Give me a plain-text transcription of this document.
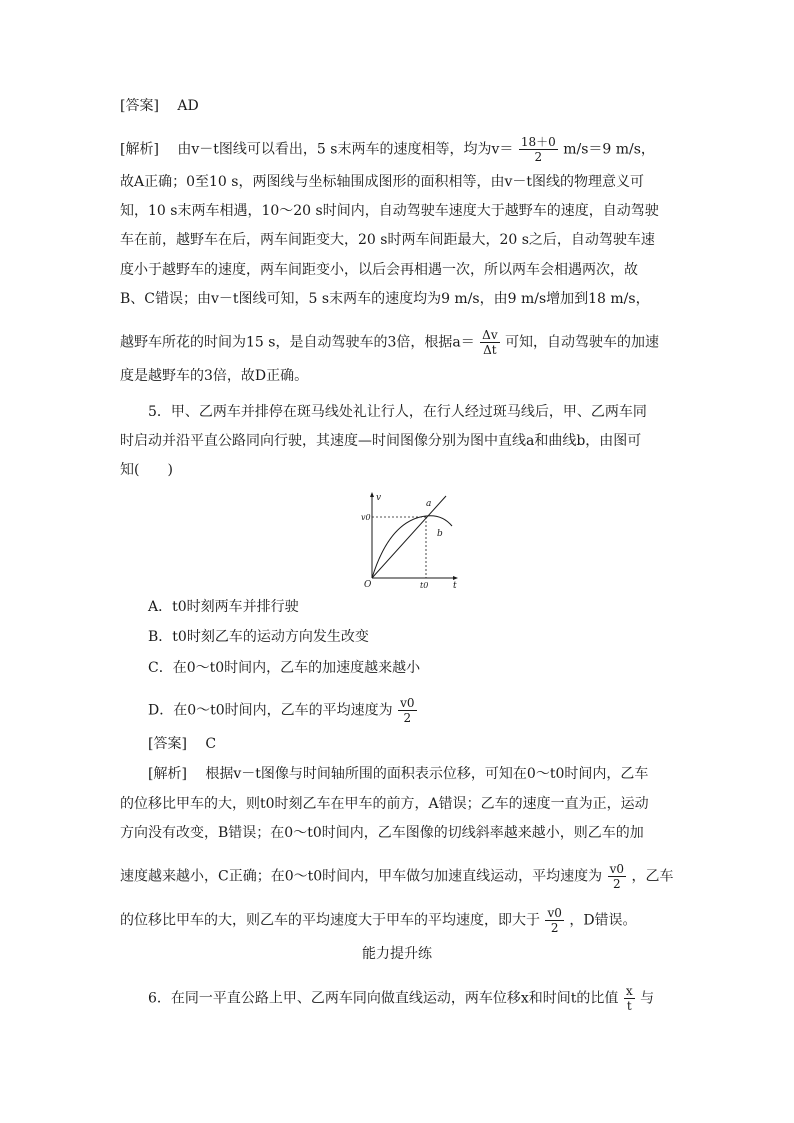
[答案]　 AD
[解析]　 由v－t图线可以看出，5 s末两车的速度相等，均为$v= \frac{18+0}{2} m/s=9$ m/s，
故A正确；0至10 s，两图线与坐标轴围成图形的面积相等，由v－t图线的物理意义可
知，10 s末两车相遇，10～20 s时间内，自动驾驶车速度大于越野车的速度，自动驾驶
车在前，越野车在后，两车间距变大，20 s时两车间距最大，20 s之后，自动驾驶车速
度小于越野车的速度，两车间距变小，以后会再相遇一次，所以两车会相遇两次，故
B、C错误；由v－t图线可知，5 s末两车的速度均为9 m/s，由9 m/s增加到18 m/s，
越野车所花的时间为15 s，是自动驾驶车的3倍，根据$a= \frac{\Delta v}{\Delta t}$ 可知，自动驾驶车的加速
度是越野车的3倍，故D正确。
5．甲、乙两车并排停在斑马线处礼让行人，在行人经过斑马线后，甲、乙两车同
时启动并沿平直公路同向行驶，其速度—时间图像分别为图中直线a和曲线b，由图可
知(　　)
v
v0
a
b
O	t0	t
A．t0时刻两车并排行驶
B．t0时刻乙车的运动方向发生改变
C．在0～t0时间内，乙车的加速度越来越小
D．在0～t0时间内，乙车的平均速度为 $\frac{v0}{2}$
[答案]　 C
[解析]　 根据v－t图像与时间轴所围的面积表示位移，可知在0～t0时间内，乙车
的位移比甲车的大，则t0时刻乙车在甲车的前方，A错误；乙车的速度一直为正，运动
方向没有改变，B错误；在0～t0时间内，乙车图像的切线斜率越来越小，则乙车的加
速度越来越小，C正确；在0～t0时间内，甲车做匀加速直线运动，平均速度为 $\frac{v0}{2}$ ，乙车
的位移比甲车的大，则乙车的平均速度大于甲车的平均速度，即大于 $\frac{v0}{2}$ ，D错误。
能力提升练
6．在同一平直公路上甲、乙两车同向做直线运动，两车位移x和时间t的比值 $\frac{x}{t}$ 与
